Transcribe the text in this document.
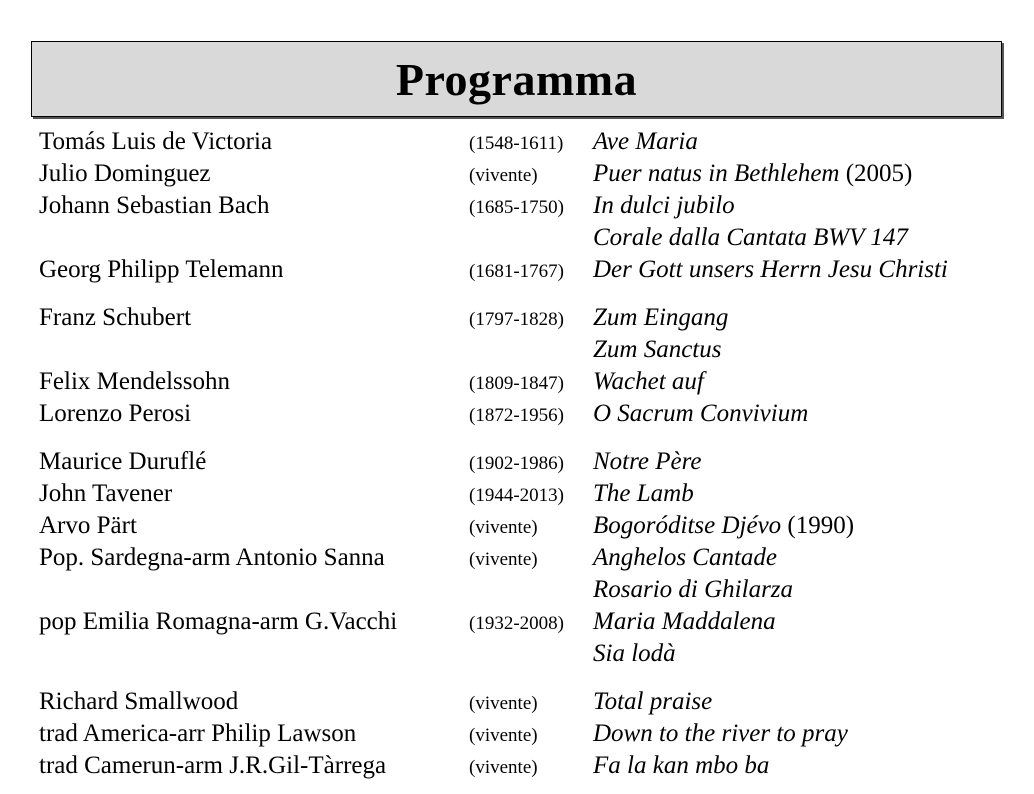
Programma
Tomás Luis de Victoria	(1548-1611) Ave Maria
Julio Dominguez	(vivente) Puer natus in Bethlehem (2005)
Johann Sebastian Bach	(1685-1750) In dulci jubilo
Corale dalla Cantata BWV 147
Georg Philipp Telemann	(1681-1767) Der Gott unsers Herrn Jesu Christi
Franz Schubert	(1797-1828) Zum Eingang
Zum Sanctus
Felix Mendelssohn	(1809-1847) Wachet auf
Lorenzo Perosi	(1872-1956) O Sacrum Convivium
Maurice Duruflé	(1902-1986) Notre Père
John Tavener	(1944-2013) The Lamb
Arvo Pärt	(vivente) Bogoróditse Djévo (1990)
Pop. Sardegna-arm Antonio Sanna	(vivente) Anghelos Cantade
Rosario di Ghilarza
pop Emilia Romagna-arm G.Vacchi	(1932-2008) Maria Maddalena
Sia lodà
Richard Smallwood	(vivente) Total praise
trad America-arr Philip Lawson	(vivente) Down to the river to pray
trad Camerun-arm J.R.Gil-Tàrrega	(vivente) Fa la kan mbo ba
